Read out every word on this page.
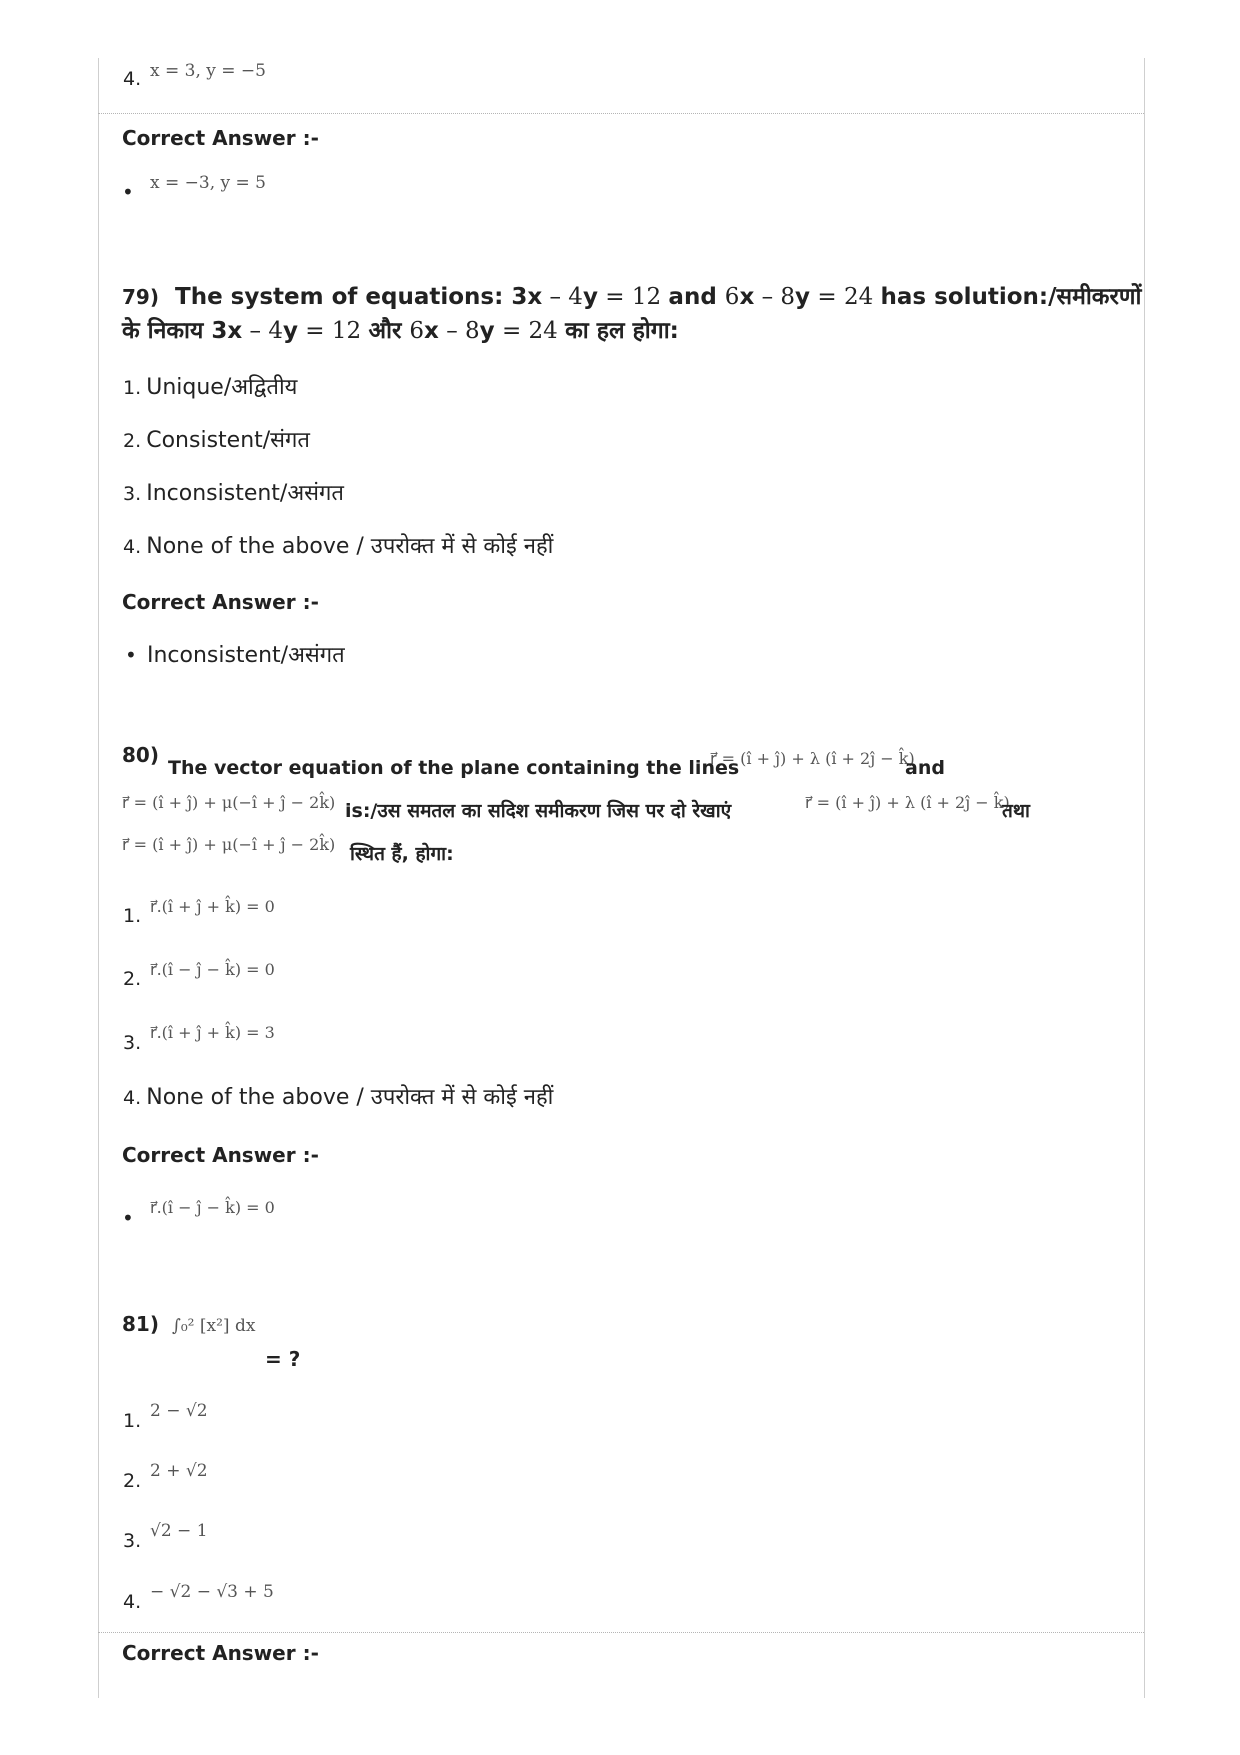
4. x = 3, y = −5
Correct Answer :-
• x = −3, y = 5
79) The system of equations: 3x – 4y = 12 and 6x – 8y = 24 has solution:/समीकरणों
के निकाय 3x – 4y = 12 और 6x – 8y = 24 का हल होगा:
1. Unique/अद्वितीय
2. Consistent/संगत
3. Inconsistent/असंगत
4. None of the above / उपरोक्त में से कोई नहीं
Correct Answer :-
• Inconsistent/असंगत
80)
The vector equation of the plane containing the lines
r⃗ = (î + ĵ) + λ (î + 2ĵ − k̂)
and
r⃗ = (î + ĵ) + μ(−î + ĵ − 2k̂) is:/उस समतल का सदिश समीकरण जिस पर दो रेखाएं	r⃗ = (î + ĵ) + λ (î + 2ĵ − k̂)
तथा
r⃗ = (î + ĵ) + μ(−î + ĵ − 2k̂) स्थित हैं, होगा:
1. r⃗.(î + ĵ + k̂) = 0
2. r⃗.(î − ĵ − k̂) = 0
3. r⃗.(î + ĵ + k̂) = 3
4. None of the above / उपरोक्त में से कोई नहीं
Correct Answer :-
• r⃗.(î − ĵ − k̂) = 0
81) ∫₀² [x²] dx
= ?
1. 2 − √2
2. 2 + √2
3. √2 − 1
4. − √2 − √3 + 5
Correct Answer :-
